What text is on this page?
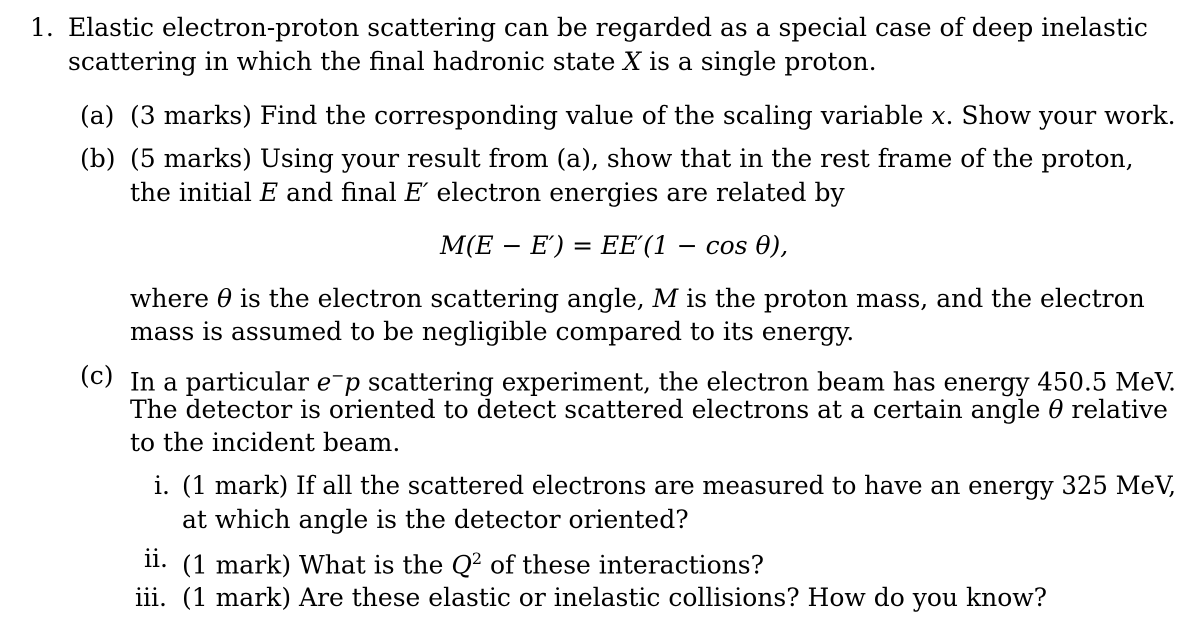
1. Elastic electron-proton scattering can be regarded as a special case of deep inelastic
scattering in which the final hadronic state X is a single proton.
(a) (3 marks) Find the corresponding value of the scaling variable x. Show your work.
(b) (5 marks) Using your result from (a), show that in the rest frame of the proton,
the initial E and final E′ electron energies are related by
M(E − E′) = EE′(1 − cos θ),
where θ is the electron scattering angle, M is the proton mass, and the electron
mass is assumed to be negligible compared to its energy.
(c) In a particular e−p scattering experiment, the electron beam has energy 450.5 MeV.
The detector is oriented to detect scattered electrons at a certain angle θ relative
to the incident beam.
i. (1 mark) If all the scattered electrons are measured to have an energy 325 MeV,
at which angle is the detector oriented?
ii. (1 mark) What is the $Q^2$ of these interactions?
iii. (1 mark) Are these elastic or inelastic collisions? How do you know?
